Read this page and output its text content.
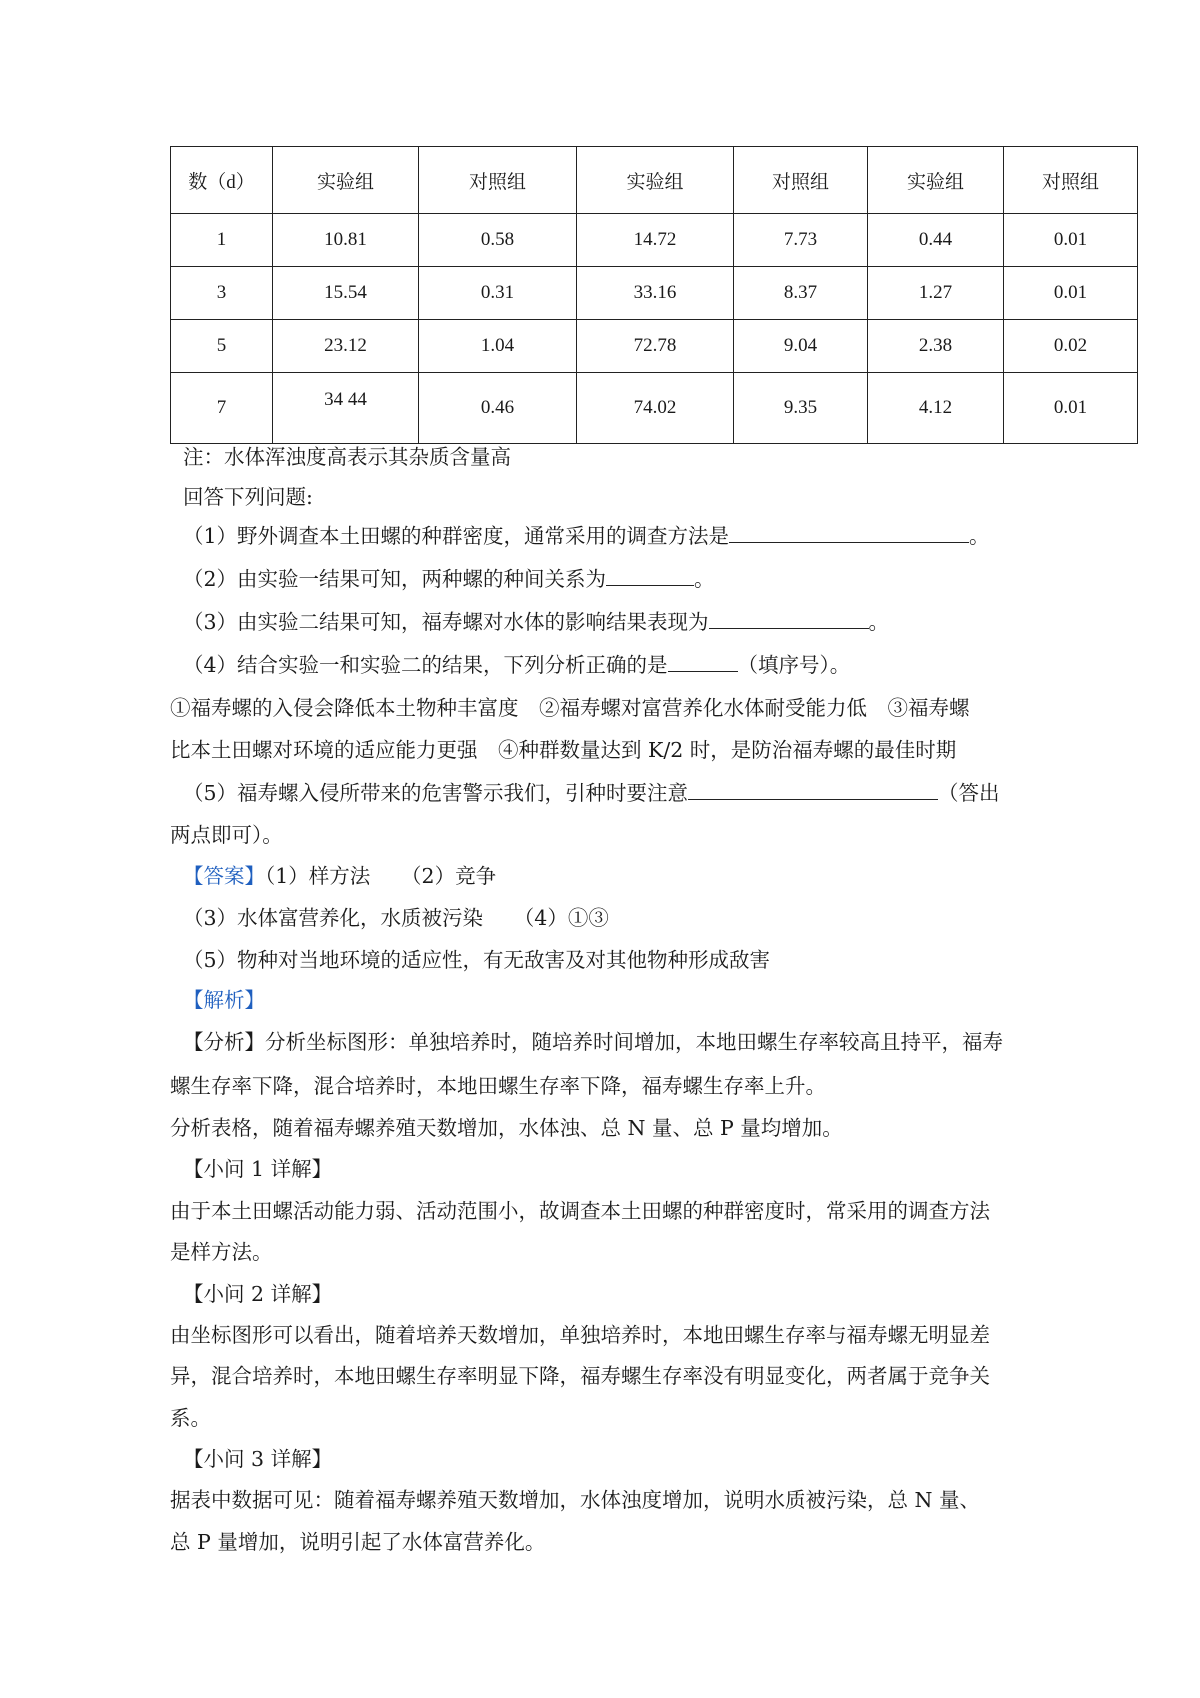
数（d）	实验组	对照组	实验组	对照组	实验组	对照组
1	10.81	0.58	14.72	7.73	0.44	0.01
3	15.54	0.31	33.16	8.37	1.27	0.01
5	23.12	1.04	72.78	9.04	2.38	0.02
7	34 44	0.46	74.02	9.35	4.12	0.01
注：水体浑浊度高表示其杂质含量高
回答下列问题:
（1）野外调查本土田螺的种群密度，通常采用的调查方法是	。
（2）由实验一结果可知，两种螺的种间关系为	。
（3）由实验二结果可知，福寿螺对水体的影响结果表现为	。
（4）结合实验一和实验二的结果，下列分析正确的是	（填序号）。
①福寿螺的入侵会降低本土物种丰富度　②福寿螺对富营养化水体耐受能力低　③福寿螺
比本土田螺对环境的适应能力更强　④种群数量达到 K/2 时，是防治福寿螺的最佳时期
（5）福寿螺入侵所带来的危害警示我们，引种时要注意	（答出
两点即可）。
【答案】（1）样方法　　（2）竞争
（3）水体富营养化，水质被污染　　（4）①③
（5）物种对当地环境的适应性，有无敌害及对其他物种形成敌害
【解析】
【分析】分析坐标图形：单独培养时，随培养时间增加，本地田螺生存率较高且持平，福寿
螺生存率下降，混合培养时，本地田螺生存率下降，福寿螺生存率上升。
分析表格，随着福寿螺养殖天数增加，水体浊、总 N 量、总 P 量均增加。
【小问 1 详解】
由于本土田螺活动能力弱、活动范围小，故调查本土田螺的种群密度时，常采用的调查方法
是样方法。
【小问 2 详解】
由坐标图形可以看出，随着培养天数增加，单独培养时，本地田螺生存率与福寿螺无明显差
异，混合培养时，本地田螺生存率明显下降，福寿螺生存率没有明显变化，两者属于竞争关
系。
【小问 3 详解】
据表中数据可见：随着福寿螺养殖天数增加，水体浊度增加，说明水质被污染，总 N 量、
总 P 量增加，说明引起了水体富营养化。
